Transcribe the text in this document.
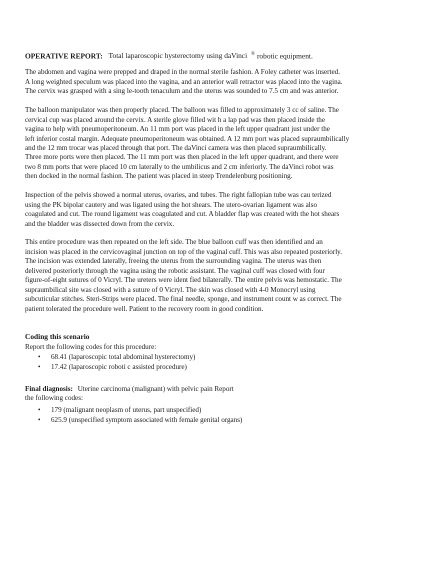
OPERATIVE REPORT: Total laparoscopic hysterectomy using daVinci ® robotic equipment.

The abdomen and vagina were prepped and draped in the normal sterile fashion. A Foley catheter was inserted.

A long weighted speculum was placed into the vagina, and an anterior wall retractor was placed into the vagina.

The cervix was grasped with a sing le-tooth tenaculum and the uterus was sounded to 7.5 cm and was anterior.

The balloon manipulator was then properly placed. The balloon was filled to approximately 3 cc of saline. The

cervical cup was placed around the cervix. A sterile glove filled wit h a lap pad was then placed inside the

vagina to help with pneumoperitoneum. An 11 mm port was placed in the left upper quadrant just under the

left inferior costal margin. Adequate pneumoperitoneum was obtained. A 12 mm port was placed supraumbilically

and the 12 mm trocar was placed through that port. The daVinci camera was then placed supraumbilically.

Three more ports were then placed. The 11 mm port was then placed in the left upper quadrant, and there were

two 8 mm ports that were placed 10 cm laterally to the umbilicus and 2 cm inferiorly. The daVinci robot was

then docked in the normal fashion. The patient was placed in steep Trendelenburg positioning.

Inspection of the pelvis showed a normal uterus, ovaries, and tubes. The right fallopian tube was cau terized

using the PK bipolar cautery and was ligated using the hot shears. The utero-ovarian ligament was also

coagulated and cut. The round ligament was coagulated and cut. A bladder flap was created with the hot shears

and the bladder was dissected down from the cervix.

This entire procedure was then repeated on the left side. The blue balloon cuff was then identified and an

incision was placed in the cervicovaginal junction on top of the vaginal cuff. This was also repeated posteriorly.

The incision was extended laterally, freeing the uterus from the surrounding vagina. The uterus was then

delivered posteriorly through the vagina using the robotic assistant. The vaginal cuff was closed with four

figure-of-eight sutures of 0 Vicryl. The ureters were ident fied bilaterally. The entire pelvis was hemostatic. The

supraumbilical site was closed with a suture of 0 Vicryl. The skin was closed with 4-0 Monocryl using

subcuticular stitches. Steri-Strips were placed. The final needle, sponge, and instrument count w as correct. The

patient tolerated the procedure well. Patient to the recovery room in good condition.

Coding this scenario

Report the following codes for this procedure:

• 68.41 (laparoscopic total abdominal hysterectomy)
• 17.42 (laparoscopic roboti c assisted procedure)

Final diagnosis: Uterine carcinoma (malignant) with pelvic pain Report

the following codes:

• 179 (malignant neoplasm of uterus, part unspecified)
• 625.9 (unspecified symptom associated with female genital organs)
